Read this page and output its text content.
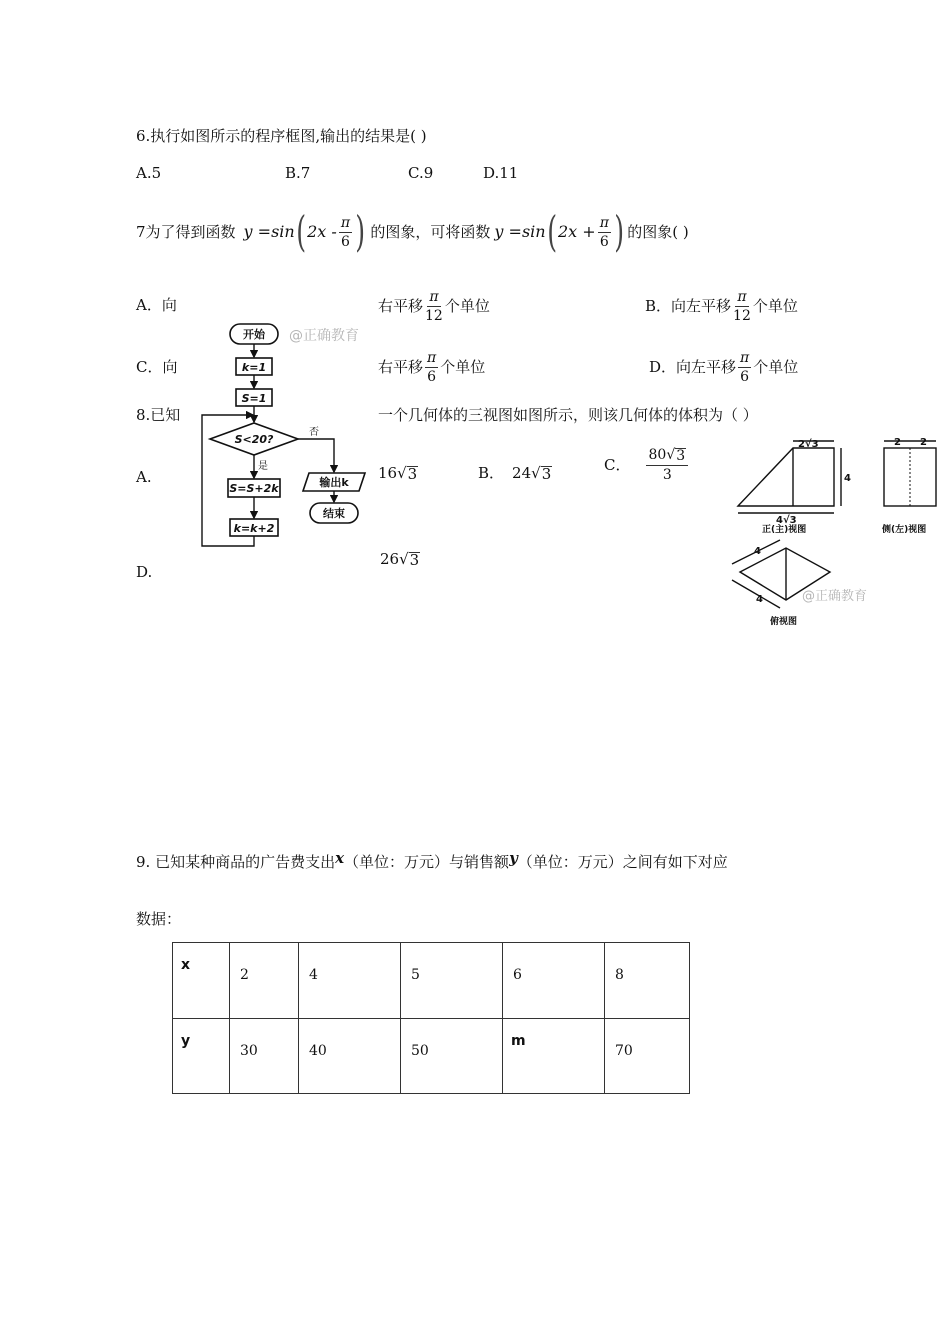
6.执行如图所示的程序框图,输出的结果是( )
A.5	B.7	C.9	D.11
7为了得到函数 y =sin ( $2x - \frac{\pi}{6}$ ) 的图象，可将函数 y =sin ( $2x + \frac{\pi}{6}$ ) 的图象( )
A．向	右平移 $\frac{\pi}{12}$ 个单位	B．向左平移 $\frac{\pi}{12}$ 个单位
C．向	右平移 $\frac{\pi}{6}$ 个单位	D．向左平移 $\frac{\pi}{6}$ 个单位
8.已知	一个几何体的三视图如图所示，则该几何体的体积为（ ）
A.	16 √ 3	B． 24 √ 3
C． $\frac{80 √ 3}{3}$
D.
26 √ 3
开始
k=1
S=1
S<20?
S=S+2k
k=k+2
输出k
结束
否
是
@正确教育
2√3
4
4√3
正(主)视图
2 2
侧(左)视图
4
4
俯视图
@正确教育
9. 已知某种商品的广告费支出x（单位：万元）与销售额y（单位：万元）之间有如下对应
数据：
x	2	4	5	6	8

y	30	40	50	m	70
